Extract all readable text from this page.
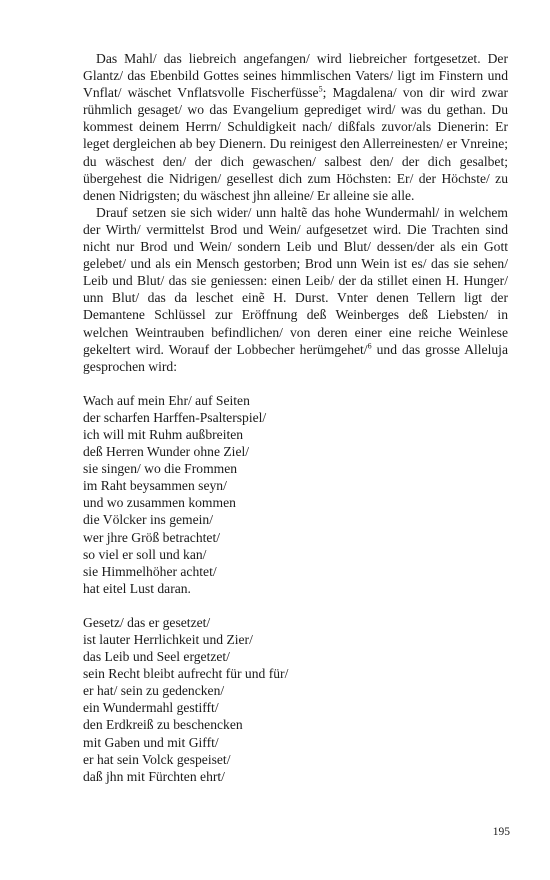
Das Mahl/ das liebreich angefangen/ wird liebreicher fortgesetzet. Der Glantz/ das Ebenbild Gottes seines himmlischen Vaters/ ligt im Finstern und Vnflat/ wäschet Vnflatsvolle Fischerfüsse$^5$; Magdalena/ von dir wird zwar rühmlich gesaget/ wo das Evangelium geprediget wird/ was du gethan. Du kommest deinem Herrn/ Schuldigkeit nach/ dißfals zuvor/als Dienerin: Er leget dergleichen ab bey Dienern. Du reinigest den Allerreinesten/ er Vnreine; du wäschest den/ der dich gewaschen/ salbest den/ der dich gesalbet; übergehest die Nidrigen/ gesellest dich zum Höchsten: Er/ der Höchste/ zu denen Nidrigsten; du wäschest jhn alleine/ Er alleine sie alle.

Drauf setzen sie sich wider/ unn haltẽ das hohe Wundermahl/ in welchem der Wirth/ vermittelst Brod und Wein/ aufgesetzet wird. Die Trachten sind nicht nur Brod und Wein/ sondern Leib und Blut/ dessen/der als ein Gott gelebet/ und als ein Mensch gestorben; Brod unn Wein ist es/ das sie sehen/ Leib und Blut/ das sie geniessen: einen Leib/ der da stillet einen H. Hunger/ unn Blut/ das da leschet einẽ H. Durst. Vnter denen Tellern ligt der Demantene Schlüssel zur Eröffnung deß Weinberges deß Liebsten/ in welchen Weintrauben befindlichen/ von deren einer eine reiche Weinlese gekeltert wird. Worauf der Lobbecher herümgehet/$^6$ und das grosse Alleluja gesprochen wird:

Wach auf mein Ehr/ auf Seiten
der scharfen Harffen-Psalterspiel/
ich will mit Ruhm außbreiten
deß Herren Wunder ohne Ziel/
sie singen/ wo die Frommen
im Raht beysammen seyn/
und wo zusammen kommen
die Völcker ins gemein/
wer jhre Größ betrachtet/
so viel er soll und kan/
sie Himmelhöher achtet/
hat eitel Lust daran.
Gesetz/ das er gesetzet/
ist lauter Herrlichkeit und Zier/
das Leib und Seel ergetzet/
sein Recht bleibt aufrecht für und für/
er hat/ sein zu gedencken/
ein Wundermahl gestifft/
den Erdkreiß zu beschencken
mit Gaben und mit Gifft/
er hat sein Volck gespeiset/
daß jhn mit Fürchten ehrt/
195
